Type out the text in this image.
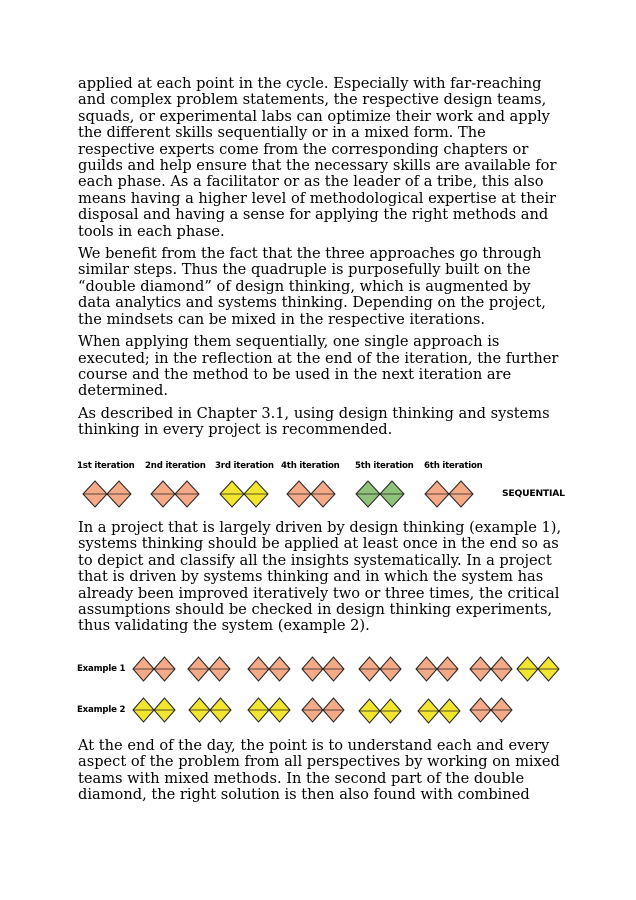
applied at each point in the cycle. Especially with far-reaching and complex problem statements, the respective design teams, squads, or experimental labs can optimize their work and apply the different skills sequentially or in a mixed form. The respective experts come from the corresponding chapters or guilds and help ensure that the necessary skills are available for each phase. As a facilitator or as the leader of a tribe, this also means having a higher level of methodological expertise at their disposal and having a sense for applying the right methods and tools in each phase.

We benefit from the fact that the three approaches go through similar steps. Thus the quadruple is purposefully built on the “double diamond” of design thinking, which is augmented by data analytics and systems thinking. Depending on the project, the mindsets can be mixed in the respective iterations.

When applying them sequentially, one single approach is executed; in the reflection at the end of the iteration, the further course and the method to be used in the next iteration are determined.

As described in Chapter 3.1, using design thinking and systems thinking in every project is recommended.

1st iteration 2nd iteration 3rd iteration 4th iteration 5th iteration 6th iteration
SEQUENTIAL

In a project that is largely driven by design thinking (example 1), systems thinking should be applied at least once in the end so as to depict and classify all the insights systematically. In a project that is driven by systems thinking and in which the system has already been improved iteratively two or three times, the critical assumptions should be checked in design thinking experiments, thus validating the system (example 2).

Example 1
Example 2

At the end of the day, the point is to understand each and every aspect of the problem from all perspectives by working on mixed teams with mixed methods. In the second part of the double diamond, the right solution is then also found with combined
